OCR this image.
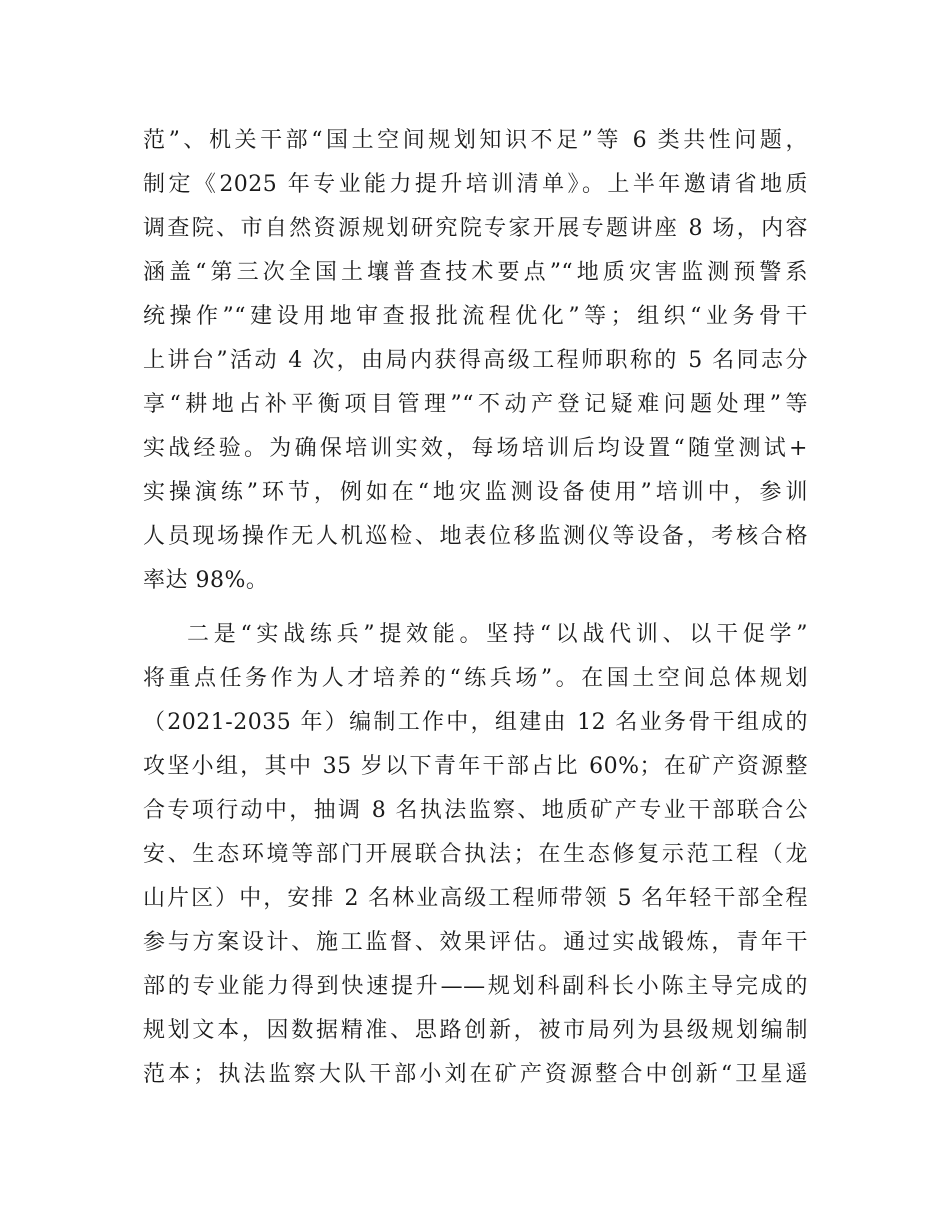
范”、机关干部“国土空间规划知识不足”等 6 类共性问题，
制定《2025 年专业能力提升培训清单》。上半年邀请省地质
调查院、市自然资源规划研究院专家开展专题讲座 8 场，内容
涵盖“第三次全国土壤普查技术要点”“地质灾害监测预警系
统操作”“建设用地审查报批流程优化”等；组织“业务骨干
上讲台”活动 4 次，由局内获得高级工程师职称的 5 名同志分
享“耕地占补平衡项目管理”“不动产登记疑难问题处理”等
实战经验。为确保培训实效，每场培训后均设置“随堂测试+
实操演练”环节，例如在“地灾监测设备使用”培训中，参训
人员现场操作无人机巡检、地表位移监测仪等设备，考核合格
率达 98%。
二是“实战练兵”提效能。坚持“以战代训、以干促学”
将重点任务作为人才培养的“练兵场”。在国土空间总体规划
（2021-2035 年）编制工作中，组建由 12 名业务骨干组成的
攻坚小组，其中 35 岁以下青年干部占比 60%；在矿产资源整
合专项行动中，抽调 8 名执法监察、地质矿产专业干部联合公
安、生态环境等部门开展联合执法；在生态修复示范工程（龙
山片区）中，安排 2 名林业高级工程师带领 5 名年轻干部全程
参与方案设计、施工监督、效果评估。通过实战锻炼，青年干
部的专业能力得到快速提升——规划科副科长小陈主导完成的
规划文本，因数据精准、思路创新，被市局列为县级规划编制
范本；执法监察大队干部小刘在矿产资源整合中创新“卫星遥
